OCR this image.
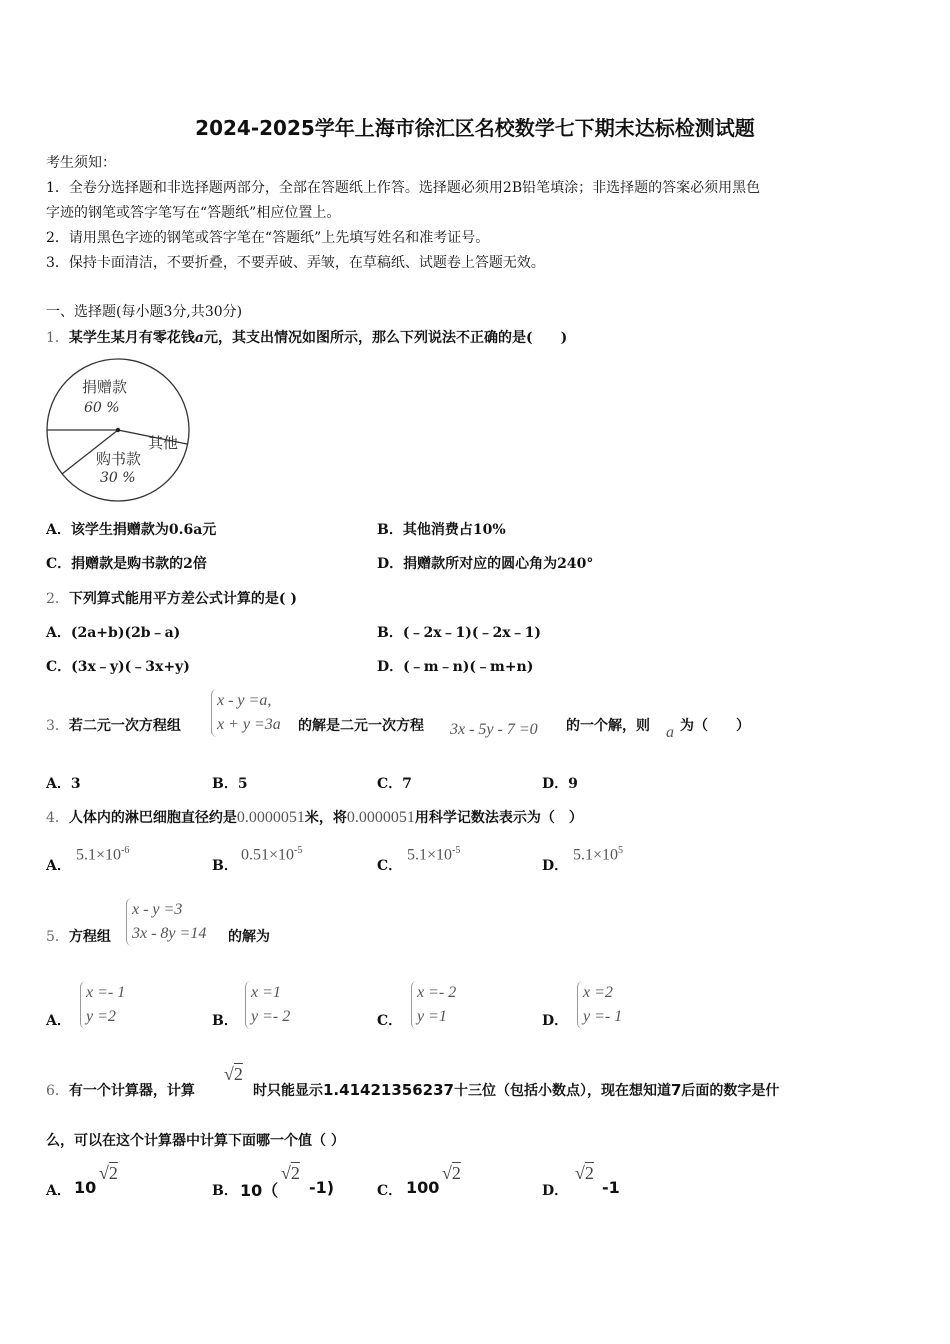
2024-2025学年上海市徐汇区名校数学七下期末达标检测试题
考生须知：
1．全卷分选择题和非选择题两部分，全部在答题纸上作答。选择题必须用2B铅笔填涂；非选择题的答案必须用黑色
字迹的钢笔或答字笔写在“答题纸”相应位置上。
2．请用黑色字迹的钢笔或答字笔在“答题纸”上先填写姓名和准考证号。
3．保持卡面清洁，不要折叠，不要弄破、弄皱，在草稿纸、试题卷上答题无效。
一、选择题(每小题3分,共30分)
1．某学生某月有零花钱a元，其支出情况如图所示，那么下列说法不正确的是(　　)
捐赠款
60 %
其他
购书款
30 %
A．该学生捐赠款为0.6a元	B．其他消费占10%
C．捐赠款是购书款的2倍	D．捐赠款所对应的圆心角为240°
2．下列算式能用平方差公式计算的是( )
A．(2a+b)(2b﹣a)	B．(﹣2x﹣1)(﹣2x﹣1)
C．(3x﹣y)(﹣3x+y)	D．(﹣m﹣n)(﹣m+n)
3．若二元一次方程组
x - y =a,
x + y =3a 的解是二元一次方程 3x - 5y - 7 =0 的一个解，则 a 为（　　）
A．3	B．5	C．7	D．9
4．人体内的淋巴细胞直径约是0.0000051米，将0.0000051用科学记数法表示为（　）
A．
$5.1\times 10^{-6}$
B．
$0.51\times 10^{-5}$
C．
$5.1\times 10^{-5}$
D．
$5.1\times 10^5$
5．方程组
x - y =3
3x - 8y =14 的解为
A．
x =- 1
y =2	B．
x =1
y =- 2	C．
x =- 2
y =1	D．
x =2
y =- 1
6．有一个计算器，计算
√2
时只能显示1.41421356237十三位（包括小数点），现在想知道7后面的数字是什
么，可以在这个计算器中计算下面哪一个值（ ）
A． 10
√2
B． 10（
√2
-1)	C． 100
√2
D．
√2
-1
